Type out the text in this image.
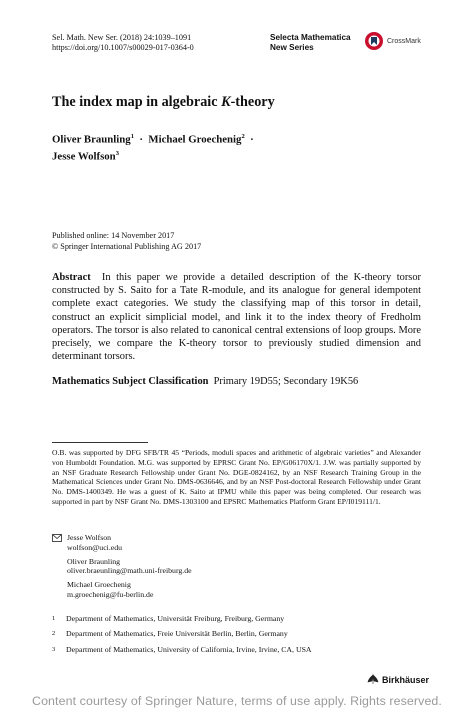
Sel. Math. New Ser. (2018) 24:1039–1091
https://doi.org/10.1007/s00029-017-0364-0
Selecta Mathematica
New Series
CrossMark
The index map in algebraic K-theory
Oliver Braunling$^1$ · Michael Groechenig$^2$ ·
Jesse Wolfson$^3$
Published online: 14 November 2017
© Springer International Publishing AG 2017
Abstract In this paper we provide a detailed description of the K-theory torsor constructed by S. Saito for a Tate R-module, and its analogue for general idempotent complete exact categories. We study the classifying map of this torsor in detail, construct an explicit simplicial model, and link it to the index theory of Fredholm operators. The torsor is also related to canonical central extensions of loop groups. More precisely, we compare the K-theory torsor to previously studied dimension and determinant torsors.
Mathematics Subject Classification Primary 19D55; Secondary 19K56
O.B. was supported by DFG SFB/TR 45 “Periods, moduli spaces and arithmetic of algebraic varieties” and Alexander von Humboldt Foundation. M.G. was supported by EPRSC Grant No. EP/G06170X/1. J.W. was partially supported by an NSF Graduate Research Fellowship under Grant No. DGE-0824162, by an NSF Research Training Group in the Mathematical Sciences under Grant No. DMS-0636646, and by an NSF Post-doctoral Research Fellowship under Grant No. DMS-1400349. He was a guest of K. Saito at IPMU while this paper was being completed. Our research was supported in part by NSF Grant No. DMS-1303100 and EPSRC Mathematics Platform Grant EP/I019111/1.
Jesse Wolfson
wolfson@uci.edu
Oliver Braunling
oliver.braeunling@math.uni-freiburg.de
Michael Groechenig
m.groechenig@fu-berlin.de
1 Department of Mathematics, Universität Freiburg, Freiburg, Germany
2 Department of Mathematics, Freie Universität Berlin, Berlin, Germany
3 Department of Mathematics, University of California, Irvine, Irvine, CA, USA
Birkhäuser
Content courtesy of Springer Nature, terms of use apply. Rights reserved.
